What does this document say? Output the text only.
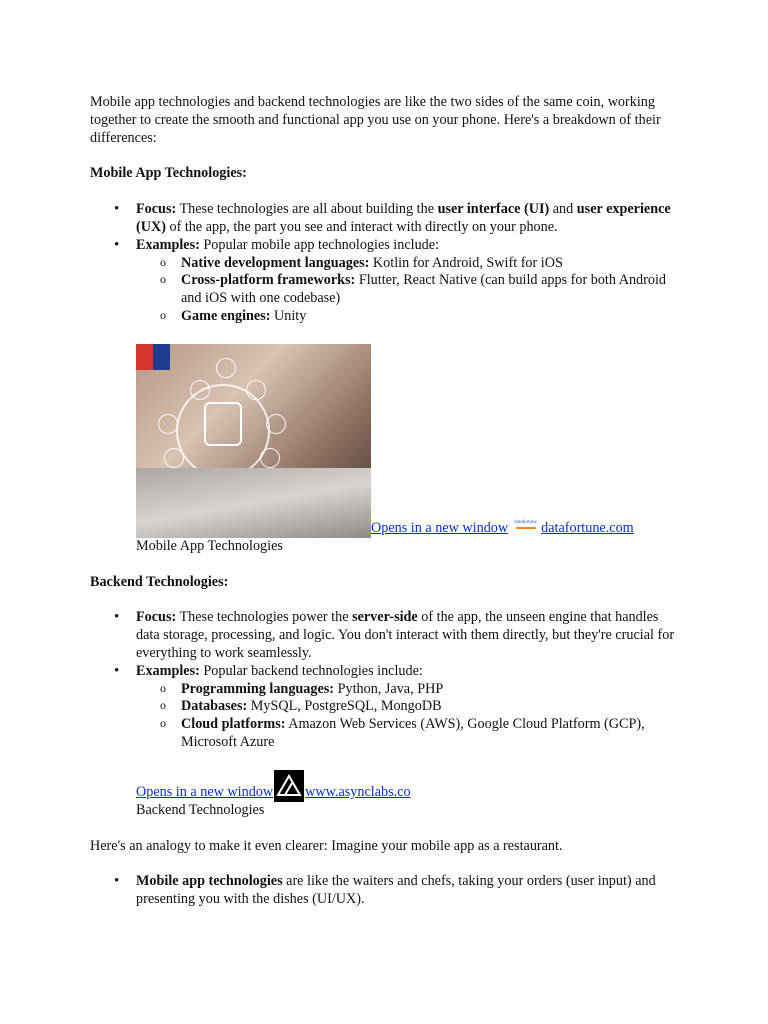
Mobile app technologies and backend technologies are like the two sides of the same coin, working together to create the smooth and functional app you use on your phone. Here's a breakdown of their differences:

Mobile App Technologies:

• Focus: These technologies are all about building the user interface (UI) and user experience (UX) of the app, the part you see and interact with directly on your phone.
• Examples: Popular mobile app technologies include:
o Native development languages: Kotlin for Android, Swift for iOS
o Cross-platform frameworks: Flutter, React Native (can build apps for both Android and iOS with one codebase)
o Game engines: Unity
Opens in a new window datafortune datafortune.com
Mobile App Technologies

Backend Technologies:

• Focus: These technologies power the server-side of the app, the unseen engine that handles data storage, processing, and logic. You don't interact with them directly, but they're crucial for everything to work seamlessly.
• Examples: Popular backend technologies include:
o Programming languages: Python, Java, PHP
o Databases: MySQL, PostgreSQL, MongoDB
o Cloud platforms: Amazon Web Services (AWS), Google Cloud Platform (GCP), Microsoft Azure
Opens in a new window www.asynclabs.co
Backend Technologies

Here's an analogy to make it even clearer: Imagine your mobile app as a restaurant.

• Mobile app technologies are like the waiters and chefs, taking your orders (user input) and presenting you with the dishes (UI/UX).
